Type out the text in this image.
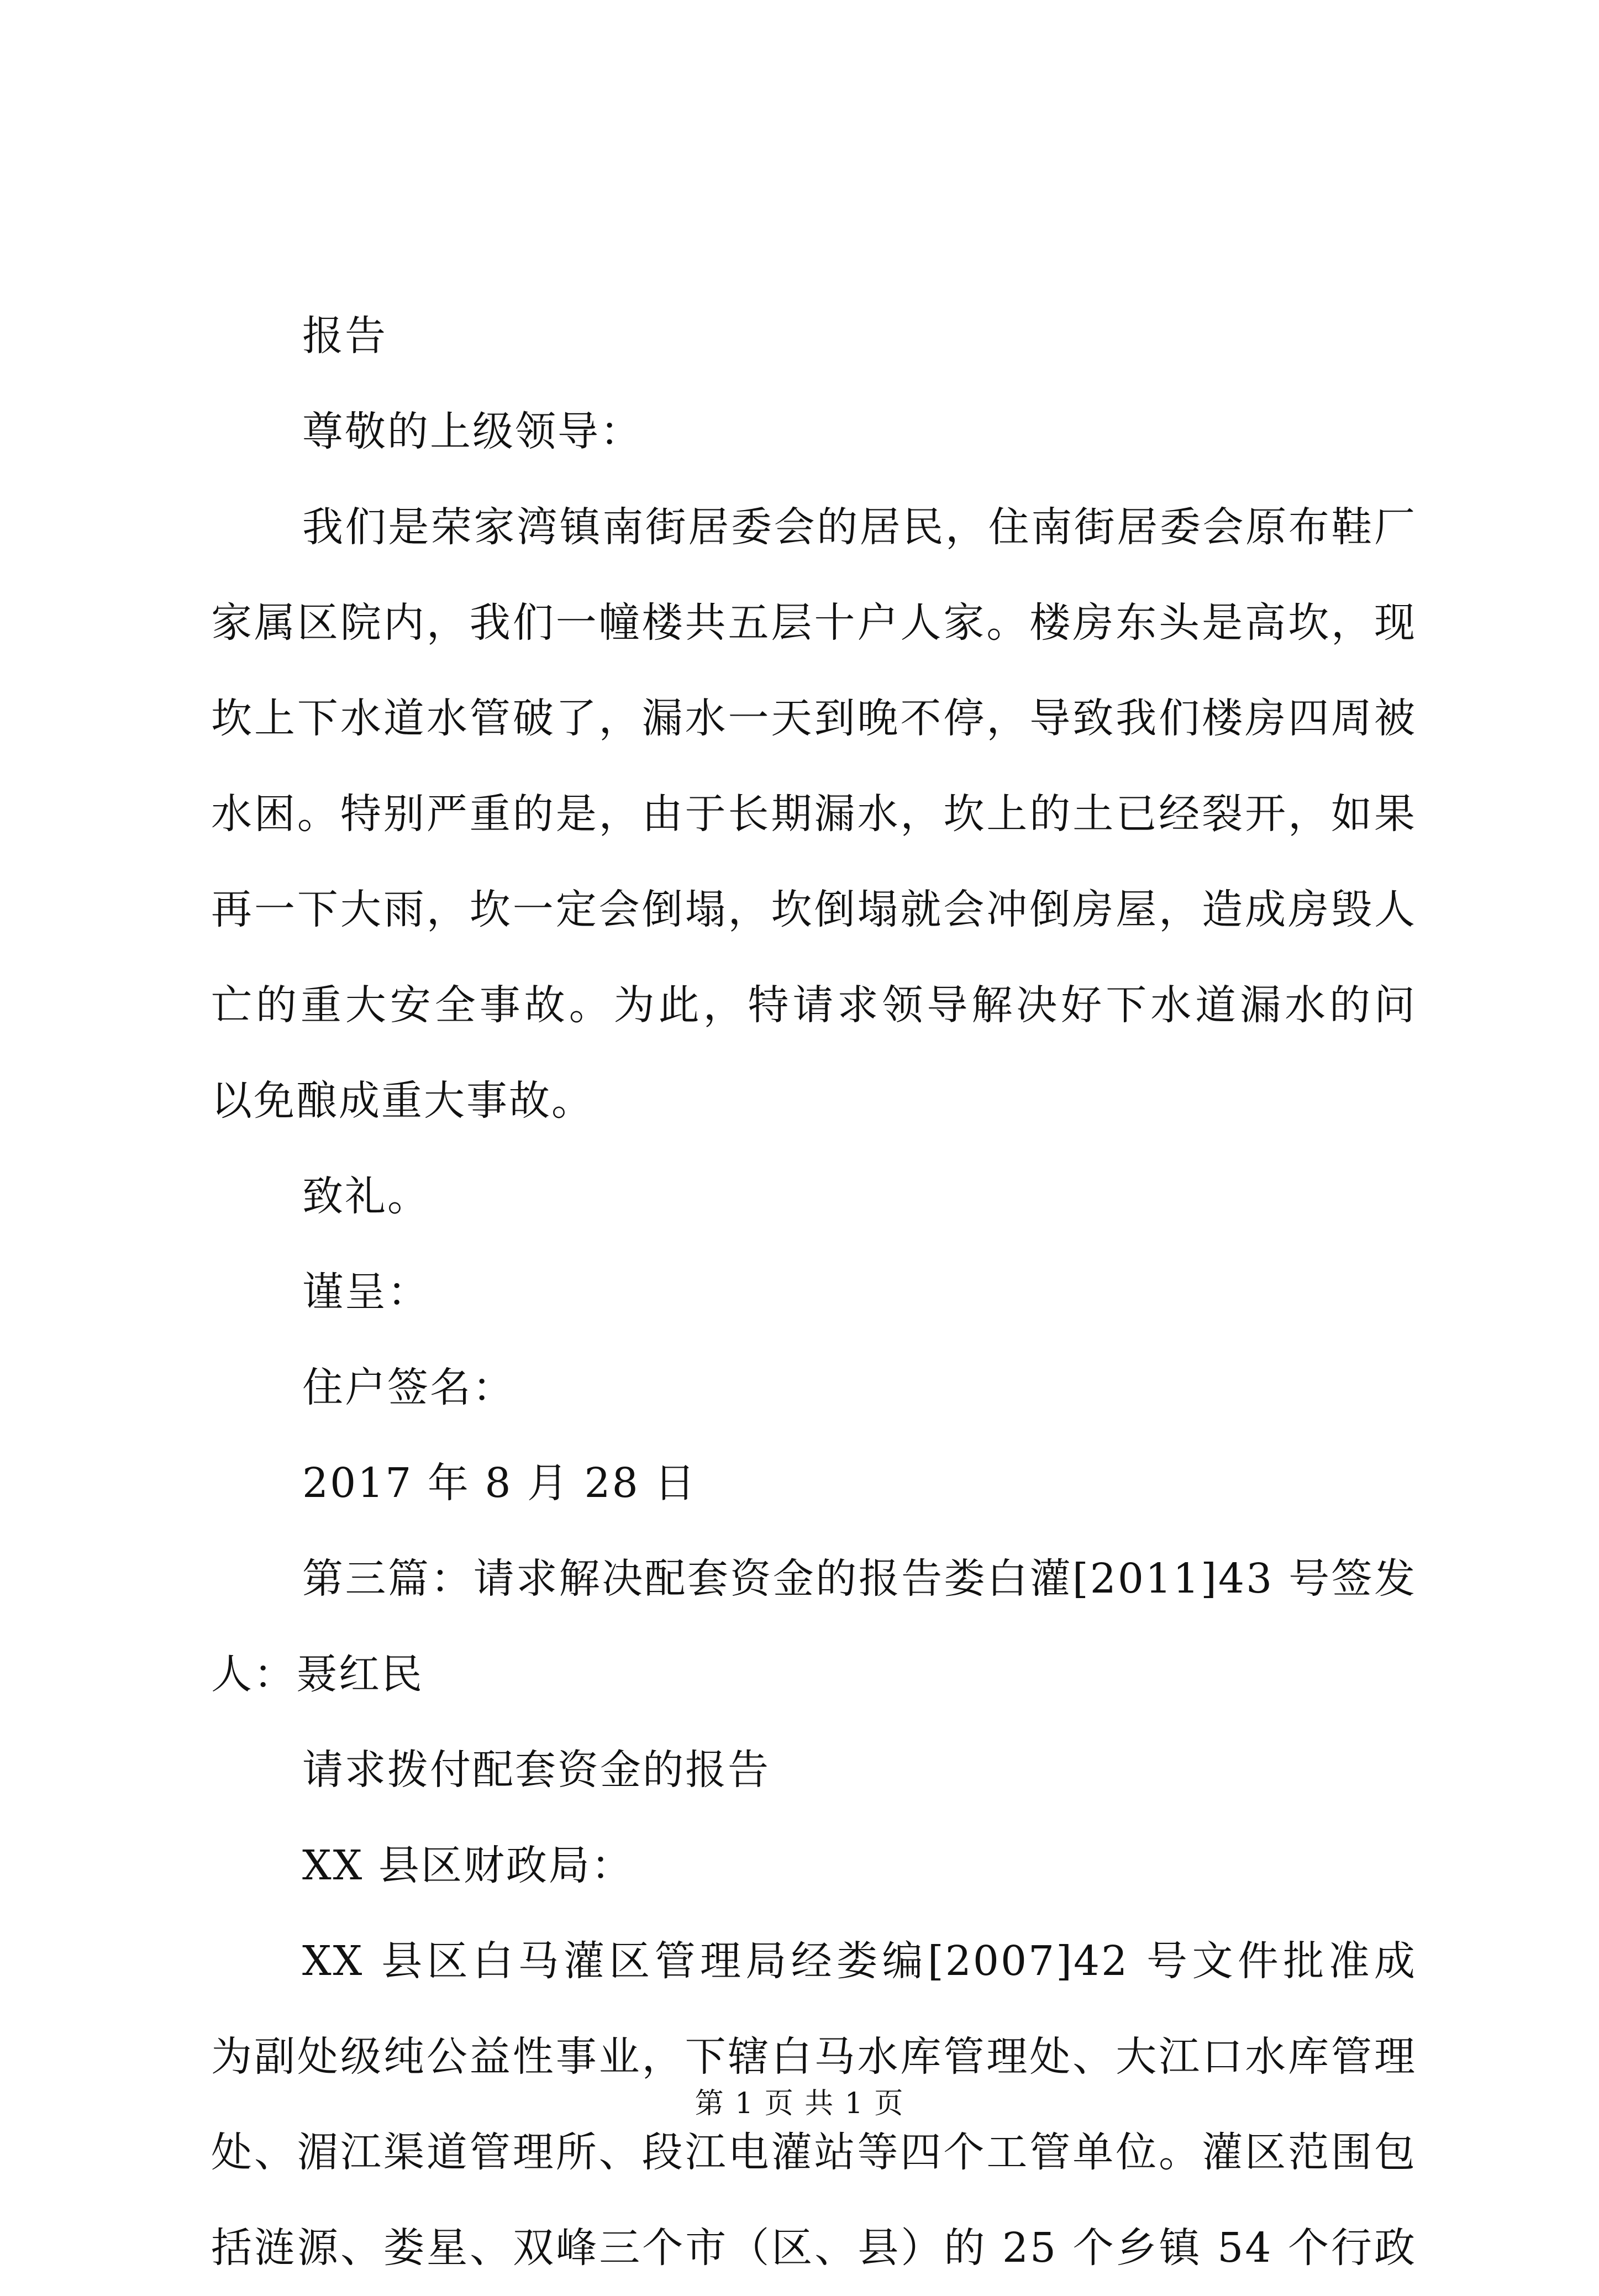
报告
尊敬的上级领导：
我们是荣家湾镇南街居委会的居民，住南街居委会原布鞋厂
家属区院内，我们一幢楼共五层十户人家。楼房东头是高坎，现
坎上下水道水管破了，漏水一天到晚不停，导致我们楼房四周被
水困。特别严重的是，由于长期漏水，坎上的土已经裂开，如果
再一下大雨，坎一定会倒塌，坎倒塌就会冲倒房屋，造成房毁人
亡的重大安全事故。为此，特请求领导解决好下水道漏水的问
以免酿成重大事故。
致礼。
谨呈：
住户签名：
2017 年 8 月 28 日
第三篇：请求解决配套资金的报告娄白灌[2011]43 号签发
人：聂红民
请求拨付配套资金的报告
XX 县区财政局：
XX 县区白马灌区管理局经娄编[2007]42 号文件批准成
为副处级纯公益性事业，下辖白马水库管理处、大江口水库管理
处、湄江渠道管理所、段江电灌站等四个工管单位。灌区范围包
括涟源、娄星、双峰三个市（区、县）的 25 个乡镇 54 个行政
第 1 页 共 1 页
